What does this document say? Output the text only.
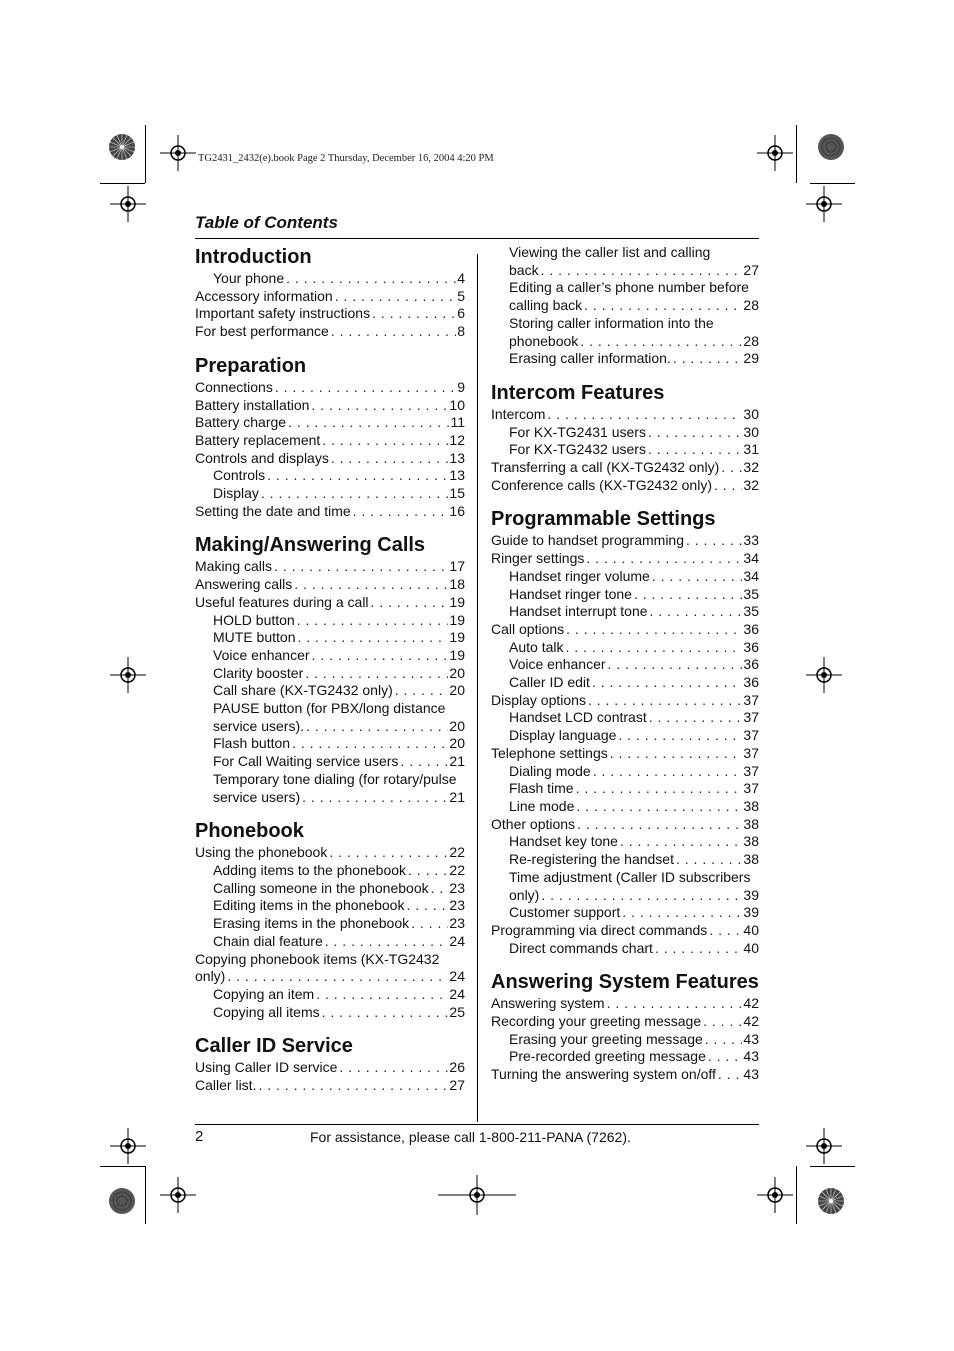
TG2431_2432(e).book Page 2 Thursday, December 16, 2004 4:20 PM
Table of Contents
Introduction
Your phone . . .	4
Accessory information . . .	5
Important safety instructions . . .	6
For best performance . . .	8
Preparation
Connections . . .	9
Battery installation . . .	10
Battery charge . . .	11
Battery replacement . . .	12
Controls and displays . . .	13
Controls . . .	13
Display . . .	15
Setting the date and time . . .	16
Making/Answering Calls
Making calls . . .	17
Answering calls . . .	18
Useful features during a call . . .	19
HOLD button . . .	19
MUTE button . . .	19
Voice enhancer . . .	19
Clarity booster . . .	20
Call share (KX-TG2432 only) . . .	20
PAUSE button (for PBX/long distance
service users). . . .	20
Flash button . . .	20
For Call Waiting service users . . .	21
Temporary tone dialing (for rotary/pulse
service users) . . .	21
Phonebook
Using the phonebook . . .	22
Adding items to the phonebook . . .	22
Calling someone in the phonebook . . . 23
Editing items in the phonebook . . .	23
Erasing items in the phonebook . . .	23
Chain dial feature . . .	24
Copying phonebook items (KX-TG2432
only) . . .	24
Copying an item . . .	24
Copying all items . . .	25
Caller ID Service
Using Caller ID service . . .	26
Caller list. . . .	27
Viewing the caller list and calling
back . . .	27
Editing a caller’s phone number before
calling back . . .	28
Storing caller information into the
phonebook . . .	28
Erasing caller information. . . .	29
Intercom Features
Intercom . . .	30
For KX-TG2431 users . . .	30
For KX-TG2432 users . . .	31
Transferring a call (KX-TG2432 only) . . . 32
Conference calls (KX-TG2432 only) . . . 32
Programmable Settings
Guide to handset programming . . .	33
Ringer settings . . .	34
Handset ringer volume . . .	34
Handset ringer tone . . .	35
Handset interrupt tone . . .	35
Call options . . .	36
Auto talk . . .	36
Voice enhancer . . .	36
Caller ID edit . . .	36
Display options . . .	37
Handset LCD contrast . . .	37
Display language . . .	37
Telephone settings . . .	37
Dialing mode . . .	37
Flash time . . .	37
Line mode . . .	38
Other options . . .	38
Handset key tone . . .	38
Re-registering the handset . . .	38
Time adjustment (Caller ID subscribers
only) . . .	39
Customer support . . .	39
Programming via direct commands . . .	40
Direct commands chart . . .	40
Answering System Features
Answering system . . .	42
Recording your greeting message . . .	42
Erasing your greeting message . . .	43
Pre-recorded greeting message . . .	43
Turning the answering system on/off . . . 43
2	For assistance, please call 1-800-211-PANA (7262).
